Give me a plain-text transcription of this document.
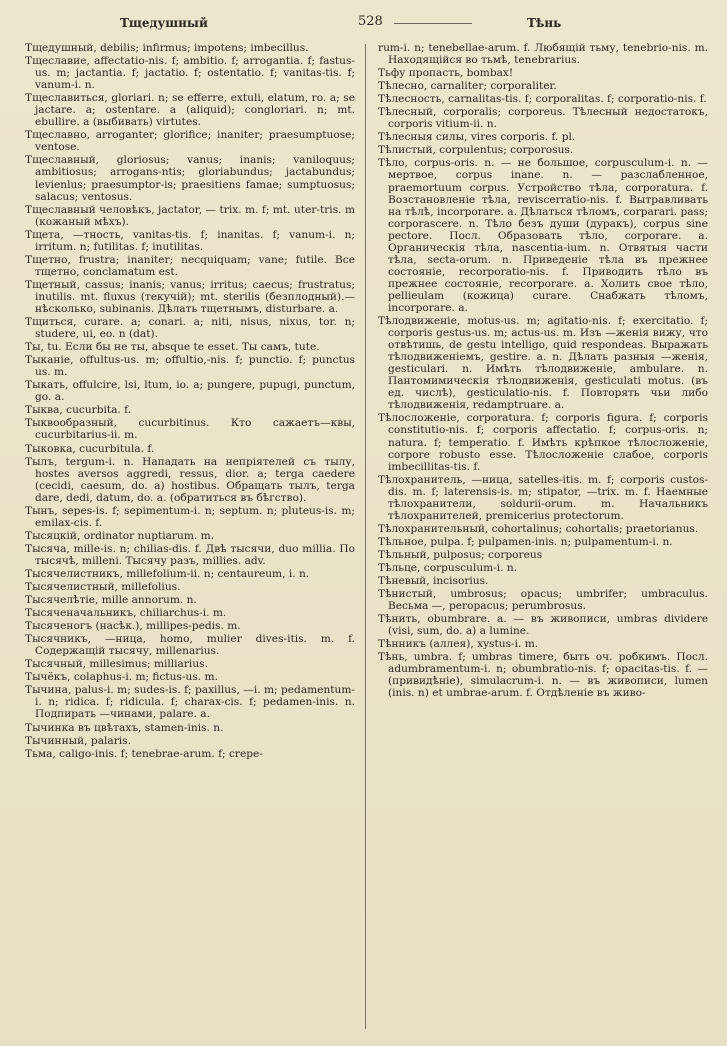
Тщедушный	528	Тѣнь
Тщедушный, debilis; infirmus; impotens; imbecillus.
Тщеславие, affectatio-nis. f; ambitio. f; arrogantia. f; fastus-us. m; jactantia. f; jactatio. f; ostentatio. f; vanitas-tis. f; vanum-i. n.
Тщеславиться, gloriari. n; se efferre, extuli, elatum, ro. a; se jactare. a; ostentare. a (aliquid); congloriari. n; mt. ebullire. a (выбивать) virtutes.
Тщеславно, arroganter; glorifice; inaniter; praesumptuose; ventose.
Тщеславный, gloriosus; vanus; inanis; vaniloquus; ambitiosus; arrogans-ntis; gloriabundus; jactabundus; levienlus; praesumptor-is; praesitiens famae; sumptuosus; salacus; ventosus.
Тщеславный человѣкъ, jactator, — trix. m. f; mt. uter-tris. m (кожаный мѣхъ).
Тщета, —тность, vanitas-tis. f; inanitas. f; vanum-i. n; irritum. n; futilitas. f; inutilitas.
Тщетно, frustra; inaniter; necquiquam; vane; futile. Все тщетно, conclamatum est.
Тщетный, cassus; inanis; vanus; irritus; caecus; frustratus; inutilis. mt. fluxus (текучій); mt. sterilis (безплодный).—нѣсколько, subinanis. Дѣлать тщетнымъ, disturbare. a.
Тщиться, curare. a; conari. a; niti, nisus, nixus, tor. n; studere, ui, eo. n (dat).
Ты, tu. Если бы не ты, absque te esset. Ты самъ, tute.
Тыканіе, offultus-us. m; offultio,-nis. f; punctio. f; punctus us. m.
Тыкать, offulcire, lsi, ltum, io. a; pungere, pupugi, punctum, go. a.
Тыква, cucurbita. f.
Тыквообразный, cucurbitinus. Кто сажаетъ—квы, cucurbitarius-ii. m.
Тыковка, cucurbitula. f.
Тылъ, tergum-i. n. Нападать на непріятелей съ тылу, hostes aversos aggredi, ressus, dior. a; terga caedere (cecidi, caesum, do. a) hostibus. Обращать тылъ, terga dare, dedi, datum, do. a. (обратиться въ бѣгство).
Тынъ, sepes-is. f; sepimentum-i. n; septum. n; pluteus-is. m; emilax-cis. f.
Тысяцкій, ordinator nuptiarum. m.
Тысяча, mille-is. n; chilias-dis. f. Двѣ тысячи, duo millia. По тысячѣ, milleni. Тысячу разъ, millies. adv.
Тысячелистникъ, millefolium-ii. n; centaureum, i. n.
Тысячелистный, millefolius.
Тысячелѣтіе, mille annorum. n.
Тысяченачальникъ, chiliarchus-i. m.
Тысяченогъ (насѣк.), millipes-pedis. m.
Тысячникъ, —ница, homo, mulier dives-itis. m. f. Содержащій тысячу, millenarius.
Тысячный, millesimus; milliarius.
Тычёкъ, colaphus-i. m; fictus-us. m.
Тычина, palus-i. m; sudes-is. f; paxillus, —i. m; pedamentum-i. n; ridica. f; ridicula. f; charax-cis. f; pedamen-inis. n. Подпирать —чинами, palare. a.
Тычинка въ цвѣтахъ, stamen-inis. n.
Тычинный, palaris.
Тьма, caligo-inis. f; tenebrae-arum. f; crepe-
rum-i. n; tenebellae-arum. f. Любящій тьму, tenebrio-nis. m. Находящійся во тьмѣ, tenebrarius.
Тьфу пропасть, bombax!
Тѣлесно, carnaliter; corporaliter.
Тѣлесность, carnalitas-tis. f; corporalitas. f; corporatio-nis. f.
Тѣлесный, corporalis; corporeus. Тѣлесный недостатокъ, corporis vitium-ii. n.
Тѣлесныя силы, vires corporis. f. pl.
Тѣлистый, corpulentus; corporosus.
Тѣло, corpus-oris. n. — не большое, corpusculum-i. n. — мертвое, corpus inane. n. — разслабленное, praemortuum corpus. Устройство тѣла, corporatura. f. Возстановленіе тѣла, reviscerratio-nis. f. Вытравливать на тѣлѣ, incorporare. a. Дѣлаться тѣломъ, corparari. pass; corporascere. n. Тѣло безъ души (дуракъ), corpus sine pectore. Посл. Образовать тѣло, corporare. a. Органическія тѣла, nascentia-ium. n. Отвятыя части тѣла, secta-orum. n. Приведеніе тѣла въ прежнее состояніе, recorporatio-nis. f. Приводить тѣло въ прежнее состояніе, recorporare. a. Холить свое тѣло, pellieulam (кожица) curare. Снабжать тѣломъ, incorporare. a.
Тѣлодвиженіе, motus-us. m; agitatio-nis. f; exercitatio. f; corporis gestus-us. m; actus-us. m. Изъ —женія вижу, что отвѣтишь, de gestu intelligo, quid respondeas. Выражать тѣлодвиженіемъ, gestire. a. n. Дѣлать разныя —женія, gesticulari. n. Имѣть тѣлодвиженіе, ambulare. n. Пантомимическія тѣлодвиженія, gesticulati motus. (въ ед. числѣ), gesticulatio-nis. f. Повторять чьи либо тѣлодвиженія, redamptruare. a.
Тѣлосложеніе, corporatura. f; corporis figura. f; corporis constitutio-nis. f; corporis affectatio. f; corpus-oris. n; natura. f; temperatio. f. Имѣть крѣпкое тѣлосложеніе, corpore robusto esse. Тѣлосложеніе слабое, corporis imbecillitas-tis. f.
Тѣлохранитель, —ница, satelles-itis. m. f; corporis custos-dis. m. f; laterensis-is. m; stipator, —trix. m. f. Наемные тѣлохранители, soldurii-orum. m. Начальникъ тѣлохранителей, premicerius protectorum.
Тѣлохранительный, cohortalinus; cohortalis; praetorianus.
Тѣльное, pulpa. f; pulpamen-inis. n; pulpamentum-i. n.
Тѣльный, pulposus; corporeus
Тѣльце, corpusculum-i. n.
Тѣневый, incisorius.
Тѣнистый, umbrosus; opacus; umbrifer; umbraculus. Весьма —, peropacus; perumbrosus.
Тѣнить, obumbrare. a. — въ живописи, umbras dividere (visi, sum, do. a) a lumine.
Тѣнникъ (аллея), xystus-i. m.
Тѣнь, umbra. f; umbras timere, быть оч. робкимъ. Посл. adumbramentum-i. n; obumbratio-nis. f; opacitas-tis. f. — (привидѣніе), simulacrum-i. n. — въ живописи, lumen (inis. n) et umbrae-arum. f. Отдѣленіе въ живо-
